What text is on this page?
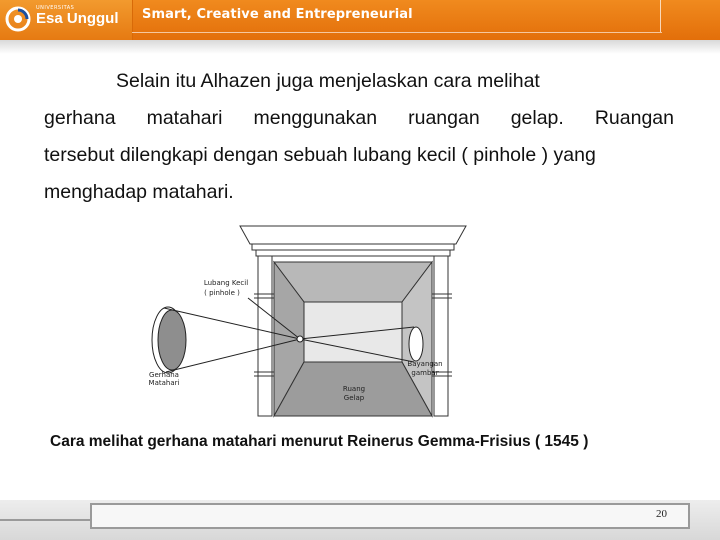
UNIVERSITAS
Esa Unggul Smart, Creative and Entrepreneurial
Selain itu Alhazen juga menjelaskan cara melihat
gerhana matahari menggunakan ruangan gelap. Ruangan
tersebut dilengkapi dengan sebuah lubang kecil ( pinhole ) yang
menghadap matahari.
Lubang Kecil
( pinhole )
Gerhana
Matahari
Bayangan
gambar
Ruang
Gelap
Cara melihat gerhana matahari menurut Reinerus Gemma-Frisius ( 1545 )
20
